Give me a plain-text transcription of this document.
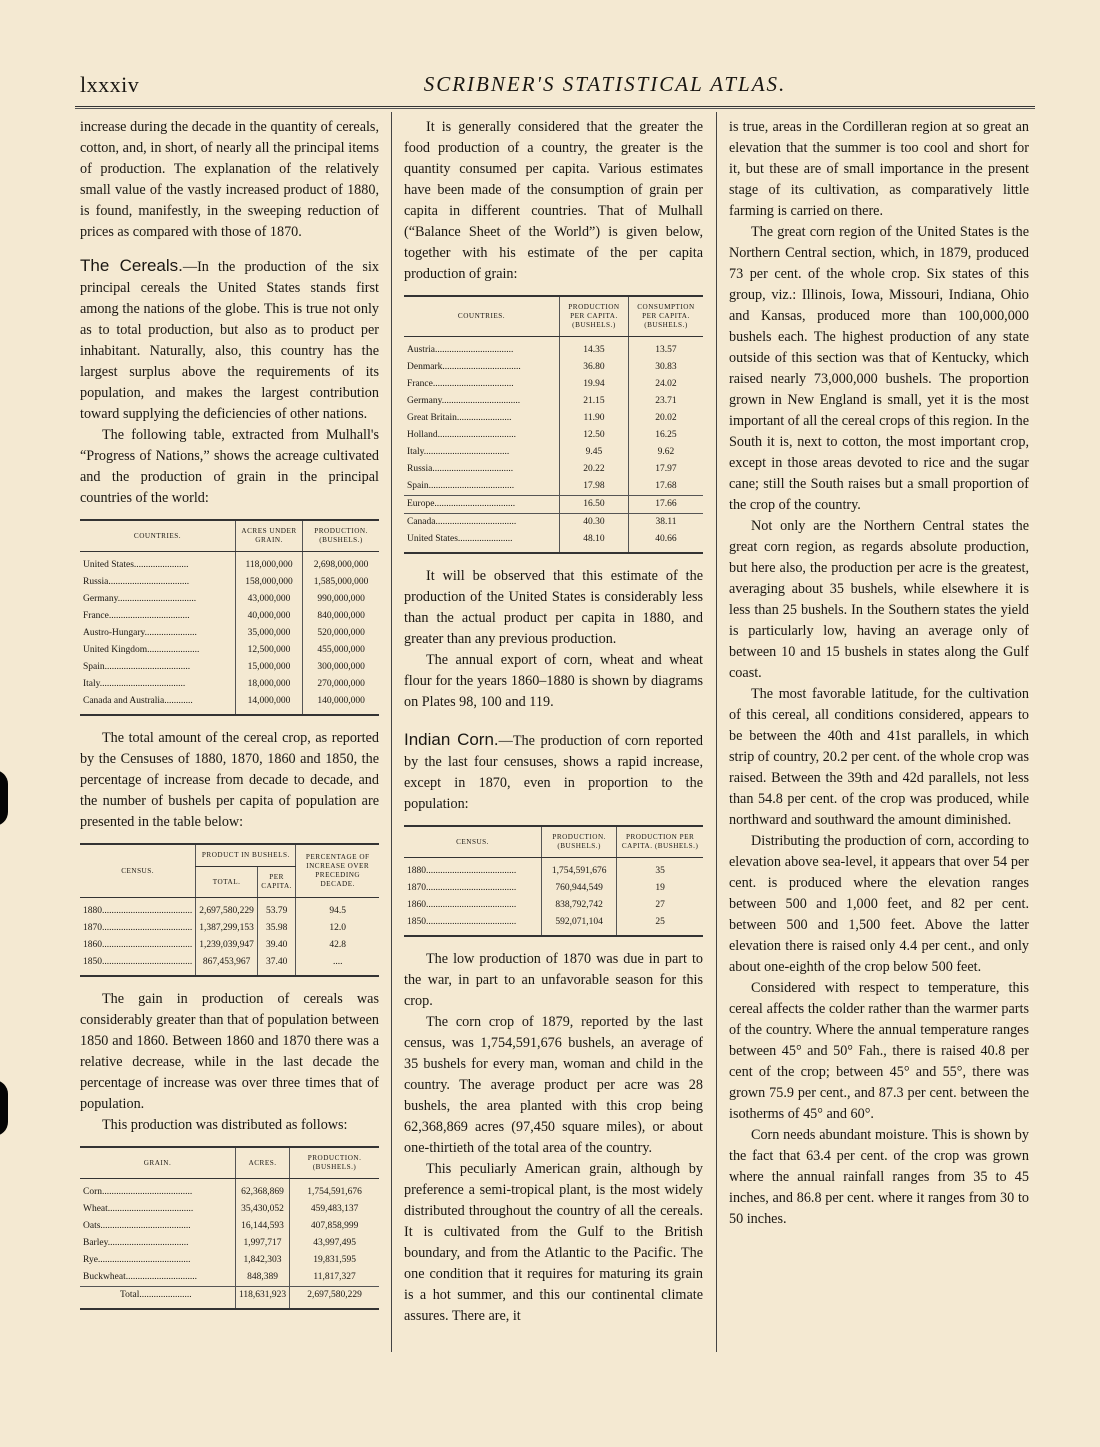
lxxxiv	SCRIBNER'S STATISTICAL ATLAS.

increase during the decade in the quantity of cereals, cotton, and, in short, of nearly all the principal items of production. The explanation of the relatively small value of the vastly increased product of 1880, is found, manifestly, in the sweeping reduction of prices as compared with those of 1870.

The Cereals.—In the production of the six principal cereals the United States stands first among the nations of the globe. This is true not only as to total production, but also as to product per inhabitant. Naturally, also, this country has the largest surplus above the requirements of its population, and makes the largest contribution toward supplying the deficiencies of other nations.

The following table, extracted from Mulhall's “Progress of Nations,” shows the acreage cultivated and the production of grain in the principal countries of the world:

COUNTRIES.	ACRES UNDER GRAIN.	PRODUCTION. (BUSHELS.)
United States.......................	118,000,000	2,698,000,000
Russia..................................	158,000,000	1,585,000,000
Germany.................................	43,000,000	990,000,000
France..................................	40,000,000	840,000,000
Austro-Hungary......................	35,000,000	520,000,000
United Kingdom......................	12,500,000	455,000,000
Spain....................................	15,000,000	300,000,000
Italy....................................	18,000,000	270,000,000
Canada and Australia............	14,000,000	140,000,000

The total amount of the cereal crop, as reported by the Censuses of 1880, 1870, 1860 and 1850, the percentage of increase from decade to decade, and the number of bushels per capita of population are presented in the table below:

CENSUS.	PRODUCT IN BUSHELS.		PERCENTAGE OF INCREASE OVER PRECEDING DECADE.
	TOTAL.	PER CAPITA.	
1880......................................	2,697,580,229	53.79	94.5
1870......................................	1,387,299,153	35.98	12.0
1860......................................	1,239,039,947	39.40	42.8
1850......................................	867,453,967	37.40	....

The gain in production of cereals was considerably greater than that of population between 1850 and 1860. Between 1860 and 1870 there was a relative decrease, while in the last decade the percentage of increase was over three times that of population.

This production was distributed as follows:

GRAIN.	ACRES.	PRODUCTION. (BUSHELS.)
Corn......................................	62,368,869	1,754,591,676
Wheat....................................	35,430,052	459,483,137
Oats......................................	16,144,593	407,858,999
Barley..................................	1,997,717	43,997,495
Rye.......................................	1,842,303	19,831,595
Buckwheat..............................	848,389	11,817,327
Total......................	118,631,923	2,697,580,229

It is generally considered that the greater the food production of a country, the greater is the quantity consumed per capita. Various estimates have been made of the consumption of grain per capita in different countries. That of Mulhall (“Balance Sheet of the World”) is given below, together with his estimate of the per capita production of grain:

COUNTRIES.	PRODUCTION PER CAPITA. (BUSHELS.)	CONSUMPTION PER CAPITA. (BUSHELS.)
Austria.................................	14.35	13.57
Denmark.................................	36.80	30.83
France..................................	19.94	24.02
Germany.................................	21.15	23.71
Great Britain.......................	11.90	20.02
Holland.................................	12.50	16.25
Italy....................................	9.45	9.62
Russia..................................	20.22	17.97
Spain....................................	17.98	17.68
Europe..................................	16.50	17.66
Canada..................................	40.30	38.11
United States.......................	48.10	40.66

It will be observed that this estimate of the production of the United States is considerably less than the actual product per capita in 1880, and greater than any previous production.

The annual export of corn, wheat and wheat flour for the years 1860–1880 is shown by diagrams on Plates 98, 100 and 119.

Indian Corn.—The production of corn reported by the last four censuses, shows a rapid increase, except in 1870, even in proportion to the population:

CENSUS.	PRODUCTION. (BUSHELS.)	PRODUCTION PER CAPITA. (BUSHELS.)
1880......................................	1,754,591,676	35
1870......................................	760,944,549	19
1860......................................	838,792,742	27
1850......................................	592,071,104	25

The low production of 1870 was due in part to the war, in part to an unfavorable season for this crop.

The corn crop of 1879, reported by the last census, was 1,754,591,676 bushels, an average of 35 bushels for every man, woman and child in the country. The average product per acre was 28 bushels, the area planted with this crop being 62,368,869 acres (97,450 square miles), or about one-thirtieth of the total area of the country.

This peculiarly American grain, although by preference a semi-tropical plant, is the most widely distributed throughout the country of all the cereals. It is cultivated from the Gulf to the British boundary, and from the Atlantic to the Pacific. The one condition that it requires for maturing its grain is a hot summer, and this our continental climate assures. There are, it

is true, areas in the Cordilleran region at so great an elevation that the summer is too cool and short for it, but these are of small importance in the present stage of its cultivation, as comparatively little farming is carried on there.

The great corn region of the United States is the Northern Central section, which, in 1879, produced 73 per cent. of the whole crop. Six states of this group, viz.: Illinois, Iowa, Missouri, Indiana, Ohio and Kansas, produced more than 100,000,000 bushels each. The highest production of any state outside of this section was that of Kentucky, which raised nearly 73,000,000 bushels. The proportion grown in New England is small, yet it is the most important of all the cereal crops of this region. In the South it is, next to cotton, the most important crop, except in those areas devoted to rice and the sugar cane; still the South raises but a small proportion of the crop of the country.

Not only are the Northern Central states the great corn region, as regards absolute production, but here also, the production per acre is the greatest, averaging about 35 bushels, while elsewhere it is less than 25 bushels. In the Southern states the yield is particularly low, having an average only of between 10 and 15 bushels in states along the Gulf coast.

The most favorable latitude, for the cultivation of this cereal, all conditions considered, appears to be between the 40th and 41st parallels, in which strip of country, 20.2 per cent. of the whole crop was raised. Between the 39th and 42d parallels, not less than 54.8 per cent. of the crop was produced, while northward and southward the amount diminished.

Distributing the production of corn, according to elevation above sea-level, it appears that over 54 per cent. is produced where the elevation ranges between 500 and 1,000 feet, and 82 per cent. between 500 and 1,500 feet. Above the latter elevation there is raised only 4.4 per cent., and only about one-eighth of the crop below 500 feet.

Considered with respect to temperature, this cereal affects the colder rather than the warmer parts of the country. Where the annual temperature ranges between 45° and 50° Fah., there is raised 40.8 per cent of the crop; between 45° and 55°, there was grown 75.9 per cent., and 87.3 per cent. between the isotherms of 45° and 60°.

Corn needs abundant moisture. This is shown by the fact that 63.4 per cent. of the crop was grown where the annual rainfall ranges from 35 to 45 inches, and 86.8 per cent. where it ranges from 30 to 50 inches.
